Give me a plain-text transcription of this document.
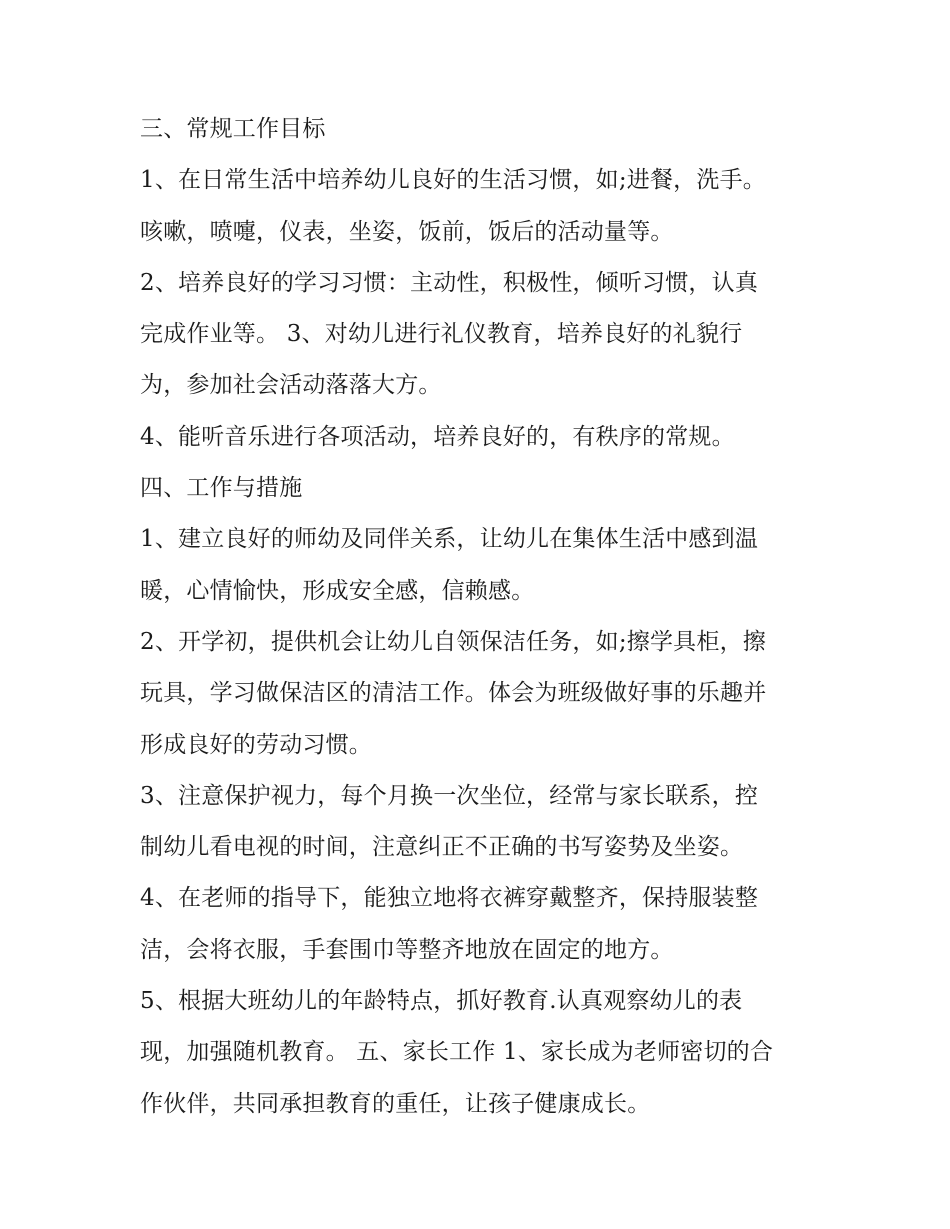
三、常规工作目标
1、在日常生活中培养幼儿良好的生活习惯，如;进餐，洗手。
咳嗽，喷嚏，仪表，坐姿，饭前，饭后的活动量等。
2、培养良好的学习习惯：主动性，积极性，倾听习惯，认真
完成作业等。 3、对幼儿进行礼仪教育，培养良好的礼貌行
为，参加社会活动落落大方。
4、能听音乐进行各项活动，培养良好的，有秩序的常规。
四、工作与措施
1、建立良好的师幼及同伴关系，让幼儿在集体生活中感到温
暖，心情愉快，形成安全感，信赖感。
2、开学初，提供机会让幼儿自领保洁任务，如;擦学具柜，擦
玩具，学习做保洁区的清洁工作。体会为班级做好事的乐趣并
形成良好的劳动习惯。
3、注意保护视力，每个月换一次坐位，经常与家长联系，控
制幼儿看电视的时间，注意纠正不正确的书写姿势及坐姿。
4、在老师的指导下，能独立地将衣裤穿戴整齐，保持服装整
洁，会将衣服，手套围巾等整齐地放在固定的地方。
5、根据大班幼儿的年龄特点，抓好教育.认真观察幼儿的表
现，加强随机教育。 五、家长工作 1、家长成为老师密切的合
作伙伴，共同承担教育的重任，让孩子健康成长。
